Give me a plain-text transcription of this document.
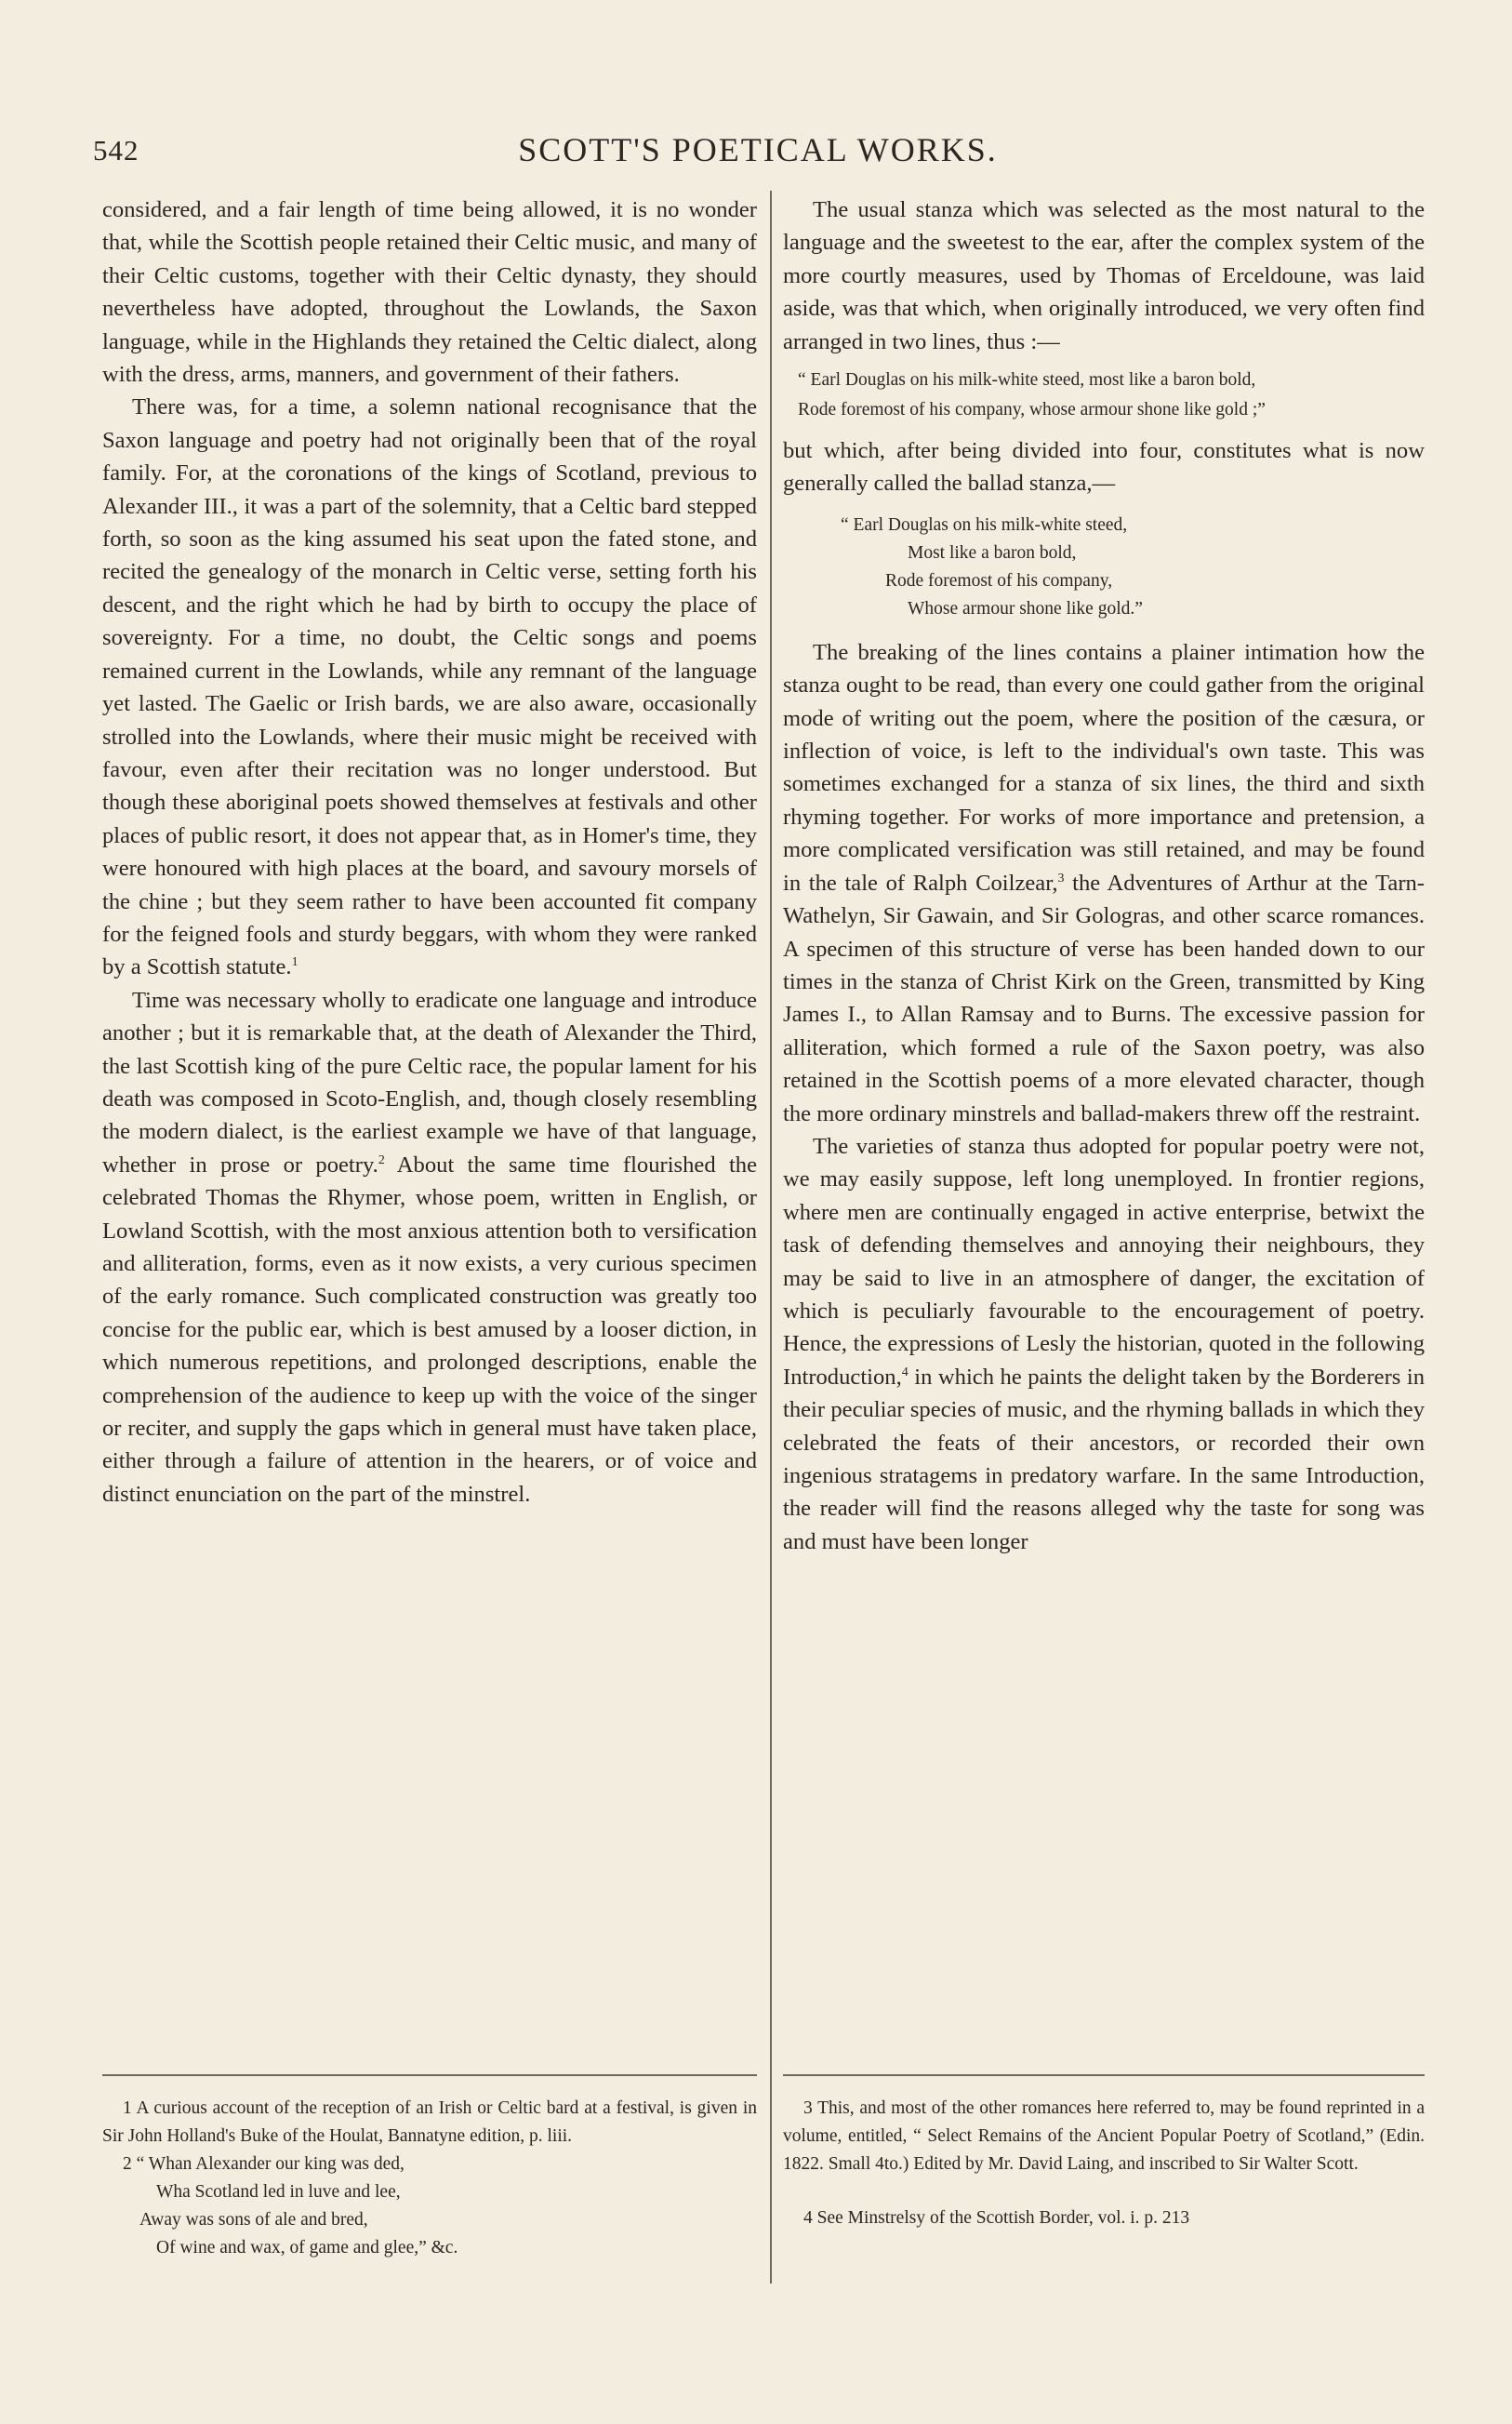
542	SCOTT'S POETICAL WORKS.

considered, and a fair length of time being allowed, it is no wonder that, while the Scottish people retained their Celtic music, and many of their Celtic customs, together with their Celtic dynasty, they should nevertheless have adopted, throughout the Lowlands, the Saxon language, while in the Highlands they retained the Celtic dialect, along with the dress, arms, manners, and government of their fathers.

There was, for a time, a solemn national recognisance that the Saxon language and poetry had not originally been that of the royal family. For, at the coronations of the kings of Scotland, previous to Alexander III., it was a part of the solemnity, that a Celtic bard stepped forth, so soon as the king assumed his seat upon the fated stone, and recited the genealogy of the monarch in Celtic verse, setting forth his descent, and the right which he had by birth to occupy the place of sovereignty. For a time, no doubt, the Celtic songs and poems remained current in the Lowlands, while any remnant of the language yet lasted. The Gaelic or Irish bards, we are also aware, occasionally strolled into the Lowlands, where their music might be received with favour, even after their recitation was no longer understood. But though these aboriginal poets showed themselves at festivals and other places of public resort, it does not appear that, as in Homer's time, they were honoured with high places at the board, and savoury morsels of the chine ; but they seem rather to have been accounted fit company for the feigned fools and sturdy beggars, with whom they were ranked by a Scottish statute.$^1$

Time was necessary wholly to eradicate one language and introduce another ; but it is remarkable that, at the death of Alexander the Third, the last Scottish king of the pure Celtic race, the popular lament for his death was composed in Scoto-English, and, though closely resembling the modern dialect, is the earliest example we have of that language, whether in prose or poetry.$^2$ About the same time flourished the celebrated Thomas the Rhymer, whose poem, written in English, or Lowland Scottish, with the most anxious attention both to versification and alliteration, forms, even as it now exists, a very curious specimen of the early romance. Such complicated construction was greatly too concise for the public ear, which is best amused by a looser diction, in which numerous repetitions, and prolonged descriptions, enable the comprehension of the audience to keep up with the voice of the singer or reciter, and supply the gaps which in general must have taken place, either through a failure of attention in the hearers, or of voice and distinct enunciation on the part of the minstrel.

The usual stanza which was selected as the most natural to the language and the sweetest to the ear, after the complex system of the more courtly measures, used by Thomas of Erceldoune, was laid aside, was that which, when originally introduced, we very often find arranged in two lines, thus :—

“ Earl Douglas on his milk-white steed, most like a baron bold,
Rode foremost of his company, whose armour shone like gold ;”

but which, after being divided into four, constitutes what is now generally called the ballad stanza,—

“ Earl Douglas on his milk-white steed,
Most like a baron bold,
Rode foremost of his company,
Whose armour shone like gold.”

The breaking of the lines contains a plainer intimation how the stanza ought to be read, than every one could gather from the original mode of writing out the poem, where the position of the cæsura, or inflection of voice, is left to the individual's own taste. This was sometimes exchanged for a stanza of six lines, the third and sixth rhyming together. For works of more importance and pretension, a more complicated versification was still retained, and may be found in the tale of Ralph Coilzear,$^3$ the Adventures of Arthur at the Tarn-Wathelyn, Sir Gawain, and Sir Gologras, and other scarce romances. A specimen of this structure of verse has been handed down to our times in the stanza of Christ Kirk on the Green, transmitted by King James I., to Allan Ramsay and to Burns. The excessive passion for alliteration, which formed a rule of the Saxon poetry, was also retained in the Scottish poems of a more elevated character, though the more ordinary minstrels and ballad-makers threw off the restraint.

The varieties of stanza thus adopted for popular poetry were not, we may easily suppose, left long unemployed. In frontier regions, where men are continually engaged in active enterprise, betwixt the task of defending themselves and annoying their neighbours, they may be said to live in an atmosphere of danger, the excitation of which is peculiarly favourable to the encouragement of poetry. Hence, the expressions of Lesly the historian, quoted in the following Introduction,$^4$ in which he paints the delight taken by the Borderers in their peculiar species of music, and the rhyming ballads in which they celebrated the feats of their ancestors, or recorded their own ingenious stratagems in predatory warfare. In the same Introduction, the reader will find the reasons alleged why the taste for song was and must have been longer

1 A curious account of the reception of an Irish or Celtic bard at a festival, is given in Sir John Holland's Buke of the Houlat, Bannatyne edition, p. liii.

2 “ Whan Alexander our king was ded,

Wha Scotland led in luve and lee,
Away was sons of ale and bred,
Of wine and wax, of game and glee,” &c.

3 This, and most of the other romances here referred to, may be found reprinted in a volume, entitled, “ Select Remains of the Ancient Popular Poetry of Scotland,” (Edin. 1822. Small 4to.) Edited by Mr. David Laing, and inscribed to Sir Walter Scott.

4 See Minstrelsy of the Scottish Border, vol. i. p. 213
